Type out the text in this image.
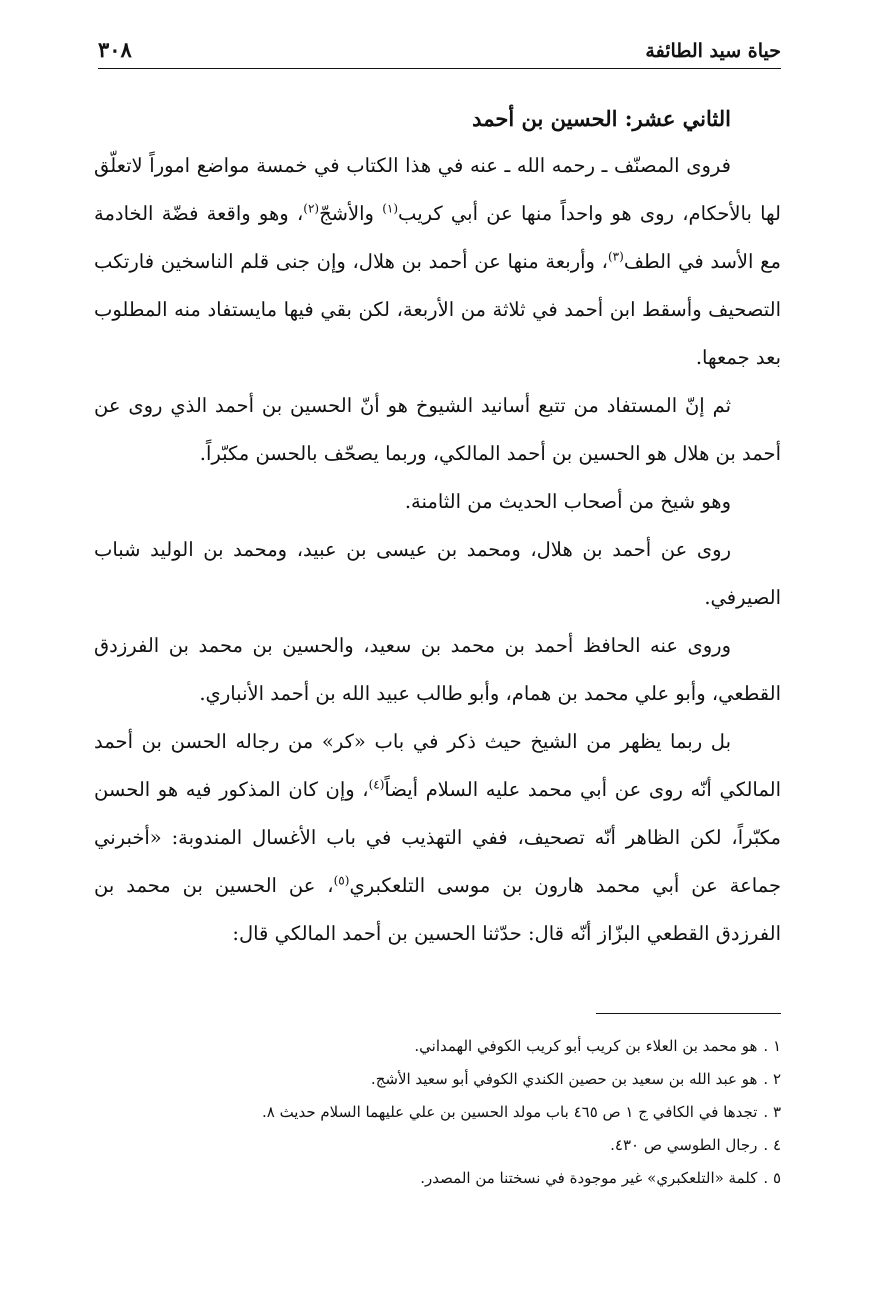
حياة سيد الطائفة
٣٠٨
الثاني عشر: الحسين بن أحمد

فروى المصنّف ـ رحمه الله ـ عنه في هذا الكتاب في خمسة مواضع اموراً لاتعلّق لها بالأحكام، روى هو واحداً منها عن أبي كريب$^{(١)}$ والأشجّ$^{(٢)}$، وهو واقعة فضّة الخادمة مع الأسد في الطف$^{(٣)}$، وأربعة منها عن أحمد بن هلال، وإن جنى قلم الناسخين فارتكب التصحيف وأسقط ابن أحمد في ثلاثة من الأربعة، لكن بقي فيها مايستفاد منه المطلوب بعد جمعها.

ثم إنّ المستفاد من تتبع أسانيد الشيوخ هو أنّ الحسين بن أحمد الذي روى عن أحمد بن هلال هو الحسين بن أحمد المالكي، وربما يصحّف بالحسن مكبّراً.

وهو شيخ من أصحاب الحديث من الثامنة.

روى عن أحمد بن هلال، ومحمد بن عيسى بن عبيد، ومحمد بن الوليد شباب الصيرفي.

وروى عنه الحافظ أحمد بن محمد بن سعيد، والحسين بن محمد بن الفرزدق القطعي، وأبو علي محمد بن همام، وأبو طالب عبيد الله بن أحمد الأنباري.

بل ربما يظهر من الشيخ حيث ذكر في باب «كر» من رجاله الحسن بن أحمد المالكي أنّه روى عن أبي محمد عليه السلام أيضاً$^{(٤)}$، وإن كان المذكور فيه هو الحسن مكبّراً، لكن الظاهر أنّه تصحيف، ففي التهذيب في باب الأغسال المندوبة: «أخبرني جماعة عن أبي محمد هارون بن موسى التلعكبري$^{(٥)}$، عن الحسين بن محمد بن الفرزدق القطعي البزّاز أنّه قال: حدّثنا الحسين بن أحمد المالكي قال:

١ .هو محمد بن العلاء بن كريب أبو كريب الكوفي الهمداني.
٢ .هو عبد الله بن سعيد بن حصين الكندي الكوفي أبو سعيد الأشج.
٣ .تجدها في الكافي ج ١ ص ٤٦٥ باب مولد الحسين بن علي عليهما السلام حديث ٨.
٤ .رجال الطوسي ص ٤٣٠.
٥ .كلمة «التلعكبري» غير موجودة في نسختنا من المصدر.
